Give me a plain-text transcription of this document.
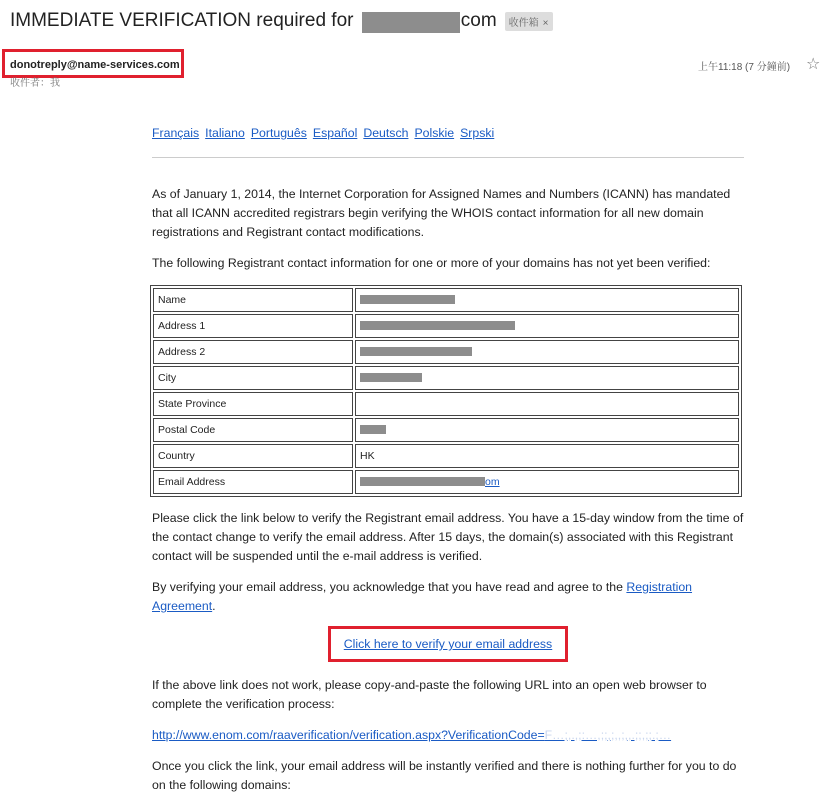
IMMEDIATE VERIFICATION required for	com	收件箱 ×
donotreply@name-services.com
收件者：我
上午11:18 (7 分鐘前) ☆
Français Italiano Português Español Deutsch Polskie Srpski

As of January 1, 2014, the Internet Corporation for Assigned Names and Numbers (ICANN) has mandated that all ICANN accredited registrars begin verifying the WHOIS contact information for all new domain registrations and Registrant contact modifications.

The following Registrant contact information for one or more of your domains has not yet been verified:

Name	
Address 1	
Address 2	
City	
State Province	
Postal Code	
Country	HK
Email Address	om

Please click the link below to verify the Registrant email address. You have a 15-day window from the time of the contact change to verify the email address. After 15 days, the domain(s) associated with this Registrant contact will be suspended until the e-mail address is verified.

By verifying your email address, you acknowledge that you have read and agree to the Registration Agreement.

Click here to verify your email address

If the above link does not work, please copy-and-paste the following URL into an open web browser to complete the verification process:

http://www.enom.com/raaverification/verification.aspx?VerificationCode=F…;,.,;:…,;;,;,,;,,.;;,;;.;…

Once you click the link, your email address will be instantly verified and there is nothing further for you to do on the following domains:
